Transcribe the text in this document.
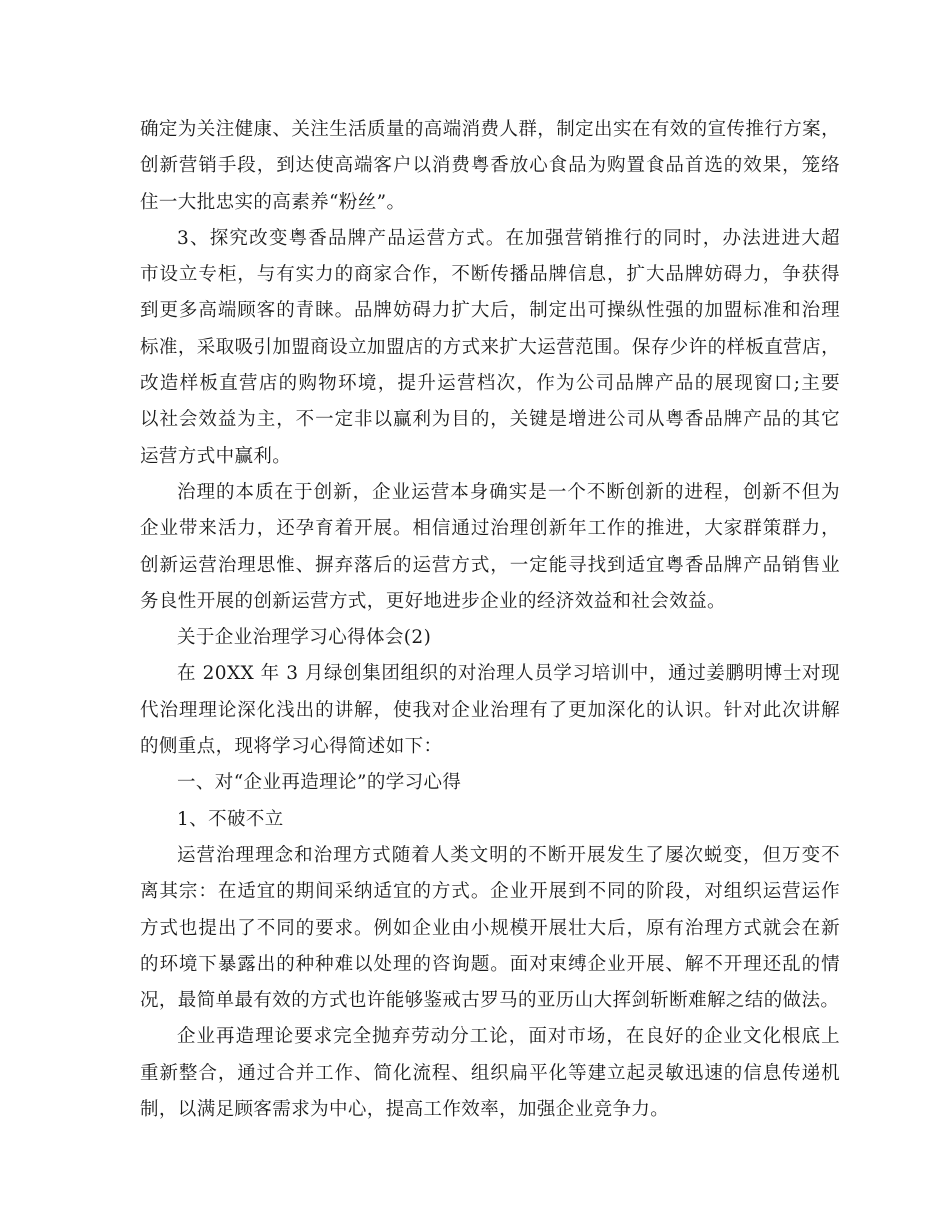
确定为关注健康、关注生活质量的高端消费人群，制定出实在有效的宣传推行方案，
创新营销手段，到达使高端客户以消费粤香放心食品为购置食品首选的效果，笼络
住一大批忠实的高素养“粉丝”。
3、探究改变粤香品牌产品运营方式。在加强营销推行的同时，办法进进大超
市设立专柜，与有实力的商家合作，不断传播品牌信息，扩大品牌妨碍力，争获得
到更多高端顾客的青睐。品牌妨碍力扩大后，制定出可操纵性强的加盟标准和治理
标准，采取吸引加盟商设立加盟店的方式来扩大运营范围。保存少许的样板直营店，
改造样板直营店的购物环境，提升运营档次，作为公司品牌产品的展现窗口;主要
以社会效益为主，不一定非以赢利为目的，关键是增进公司从粤香品牌产品的其它
运营方式中赢利。
治理的本质在于创新，企业运营本身确实是一个不断创新的进程，创新不但为
企业带来活力，还孕育着开展。相信通过治理创新年工作的推进，大家群策群力，
创新运营治理思惟、摒弃落后的运营方式，一定能寻找到适宜粤香品牌产品销售业
务良性开展的创新运营方式，更好地进步企业的经济效益和社会效益。
关于企业治理学习心得体会(2)
在 20XX 年 3 月绿创集团组织的对治理人员学习培训中，通过姜鹏明博士对现
代治理理论深化浅出的讲解，使我对企业治理有了更加深化的认识。针对此次讲解
的侧重点，现将学习心得简述如下：
一、对“企业再造理论”的学习心得
1、不破不立
运营治理理念和治理方式随着人类文明的不断开展发生了屡次蜕变，但万变不
离其宗：在适宜的期间采纳适宜的方式。企业开展到不同的阶段，对组织运营运作
方式也提出了不同的要求。例如企业由小规模开展壮大后，原有治理方式就会在新
的环境下暴露出的种种难以处理的咨询题。面对束缚企业开展、解不开理还乱的情
况，最简单最有效的方式也许能够鉴戒古罗马的亚历山大挥剑斩断难解之结的做法。
企业再造理论要求完全抛弃劳动分工论，面对市场，在良好的企业文化根底上
重新整合，通过合并工作、简化流程、组织扁平化等建立起灵敏迅速的信息传递机
制，以满足顾客需求为中心，提高工作效率，加强企业竞争力。
